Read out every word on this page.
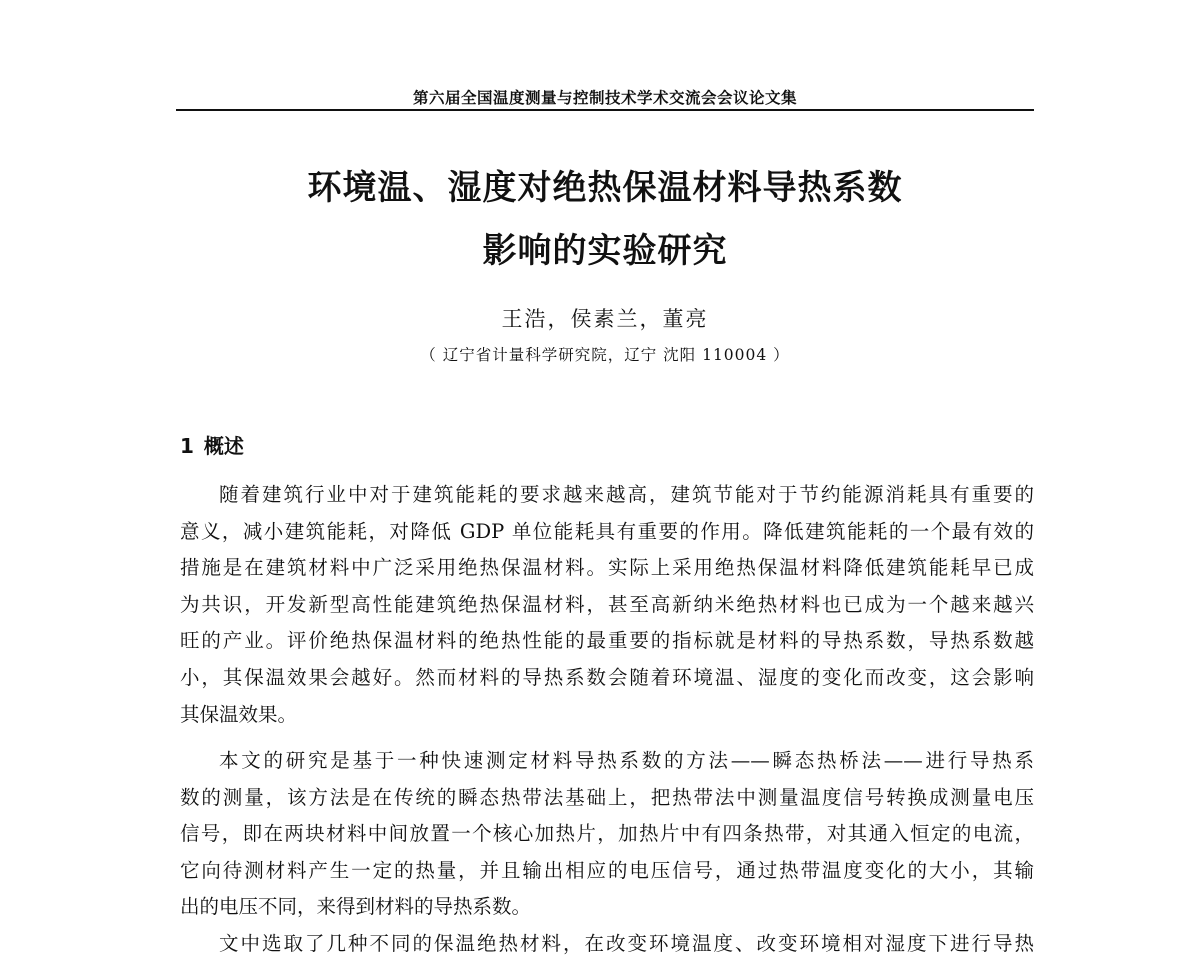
第六届全国温度测量与控制技术学术交流会会议论文集
环境温、湿度对绝热保温材料导热系数
影响的实验研究
王浩，侯素兰，董亮
（ 辽宁省计量科学研究院，辽宁 沈阳 110004 ）
1 概述
随着建筑行业中对于建筑能耗的要求越来越高，建筑节能对于节约能源消耗具有重要的
意义，减小建筑能耗，对降低 GDP 单位能耗具有重要的作用。降低建筑能耗的一个最有效的
措施是在建筑材料中广泛采用绝热保温材料。实际上采用绝热保温材料降低建筑能耗早已成
为共识，开发新型高性能建筑绝热保温材料，甚至高新纳米绝热材料也已成为一个越来越兴
旺的产业。评价绝热保温材料的绝热性能的最重要的指标就是材料的导热系数，导热系数越
小，其保温效果会越好。然而材料的导热系数会随着环境温、湿度的变化而改变，这会影响
其保温效果。
本文的研究是基于一种快速测定材料导热系数的方法——瞬态热桥法——进行导热系
数的测量，该方法是在传统的瞬态热带法基础上，把热带法中测量温度信号转换成测量电压
信号，即在两块材料中间放置一个核心加热片，加热片中有四条热带，对其通入恒定的电流，
它向待测材料产生一定的热量，并且输出相应的电压信号，通过热带温度变化的大小，其输
出的电压不同，来得到材料的导热系数。
文中选取了几种不同的保温绝热材料，在改变环境温度、改变环境相对湿度下进行导热
